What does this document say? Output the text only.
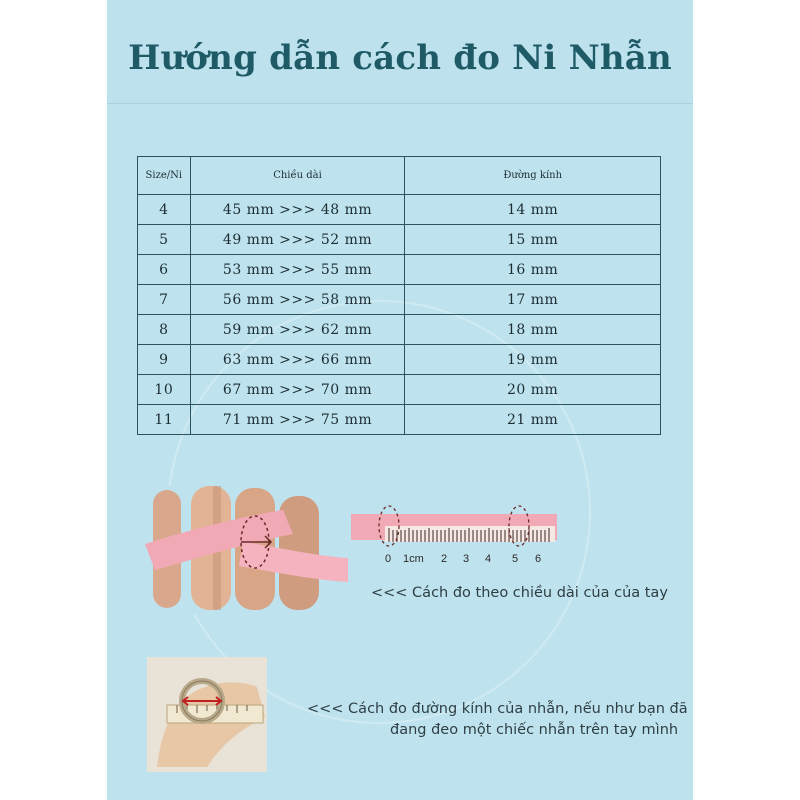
Hướng dẫn cách đo Ni Nhẫn
Size/Ni	Chiều dài	Đường kính
4	45 mm >>> 48 mm	14 mm
5	49 mm >>> 52 mm	15 mm
6	53 mm >>> 55 mm	16 mm
7	56 mm >>> 58 mm	17 mm
8	59 mm >>> 62 mm	18 mm
9	63 mm >>> 66 mm	19 mm
10	67 mm >>> 70 mm	20 mm
11	71 mm >>> 75 mm	21 mm
0 1cm 2 3 4 5 6
<<< Cách đo theo chiều dài của của tay
<<< Cách đo đường kính của nhẫn, nếu như bạn đã
đang đeo một chiếc nhẫn trên tay mình
